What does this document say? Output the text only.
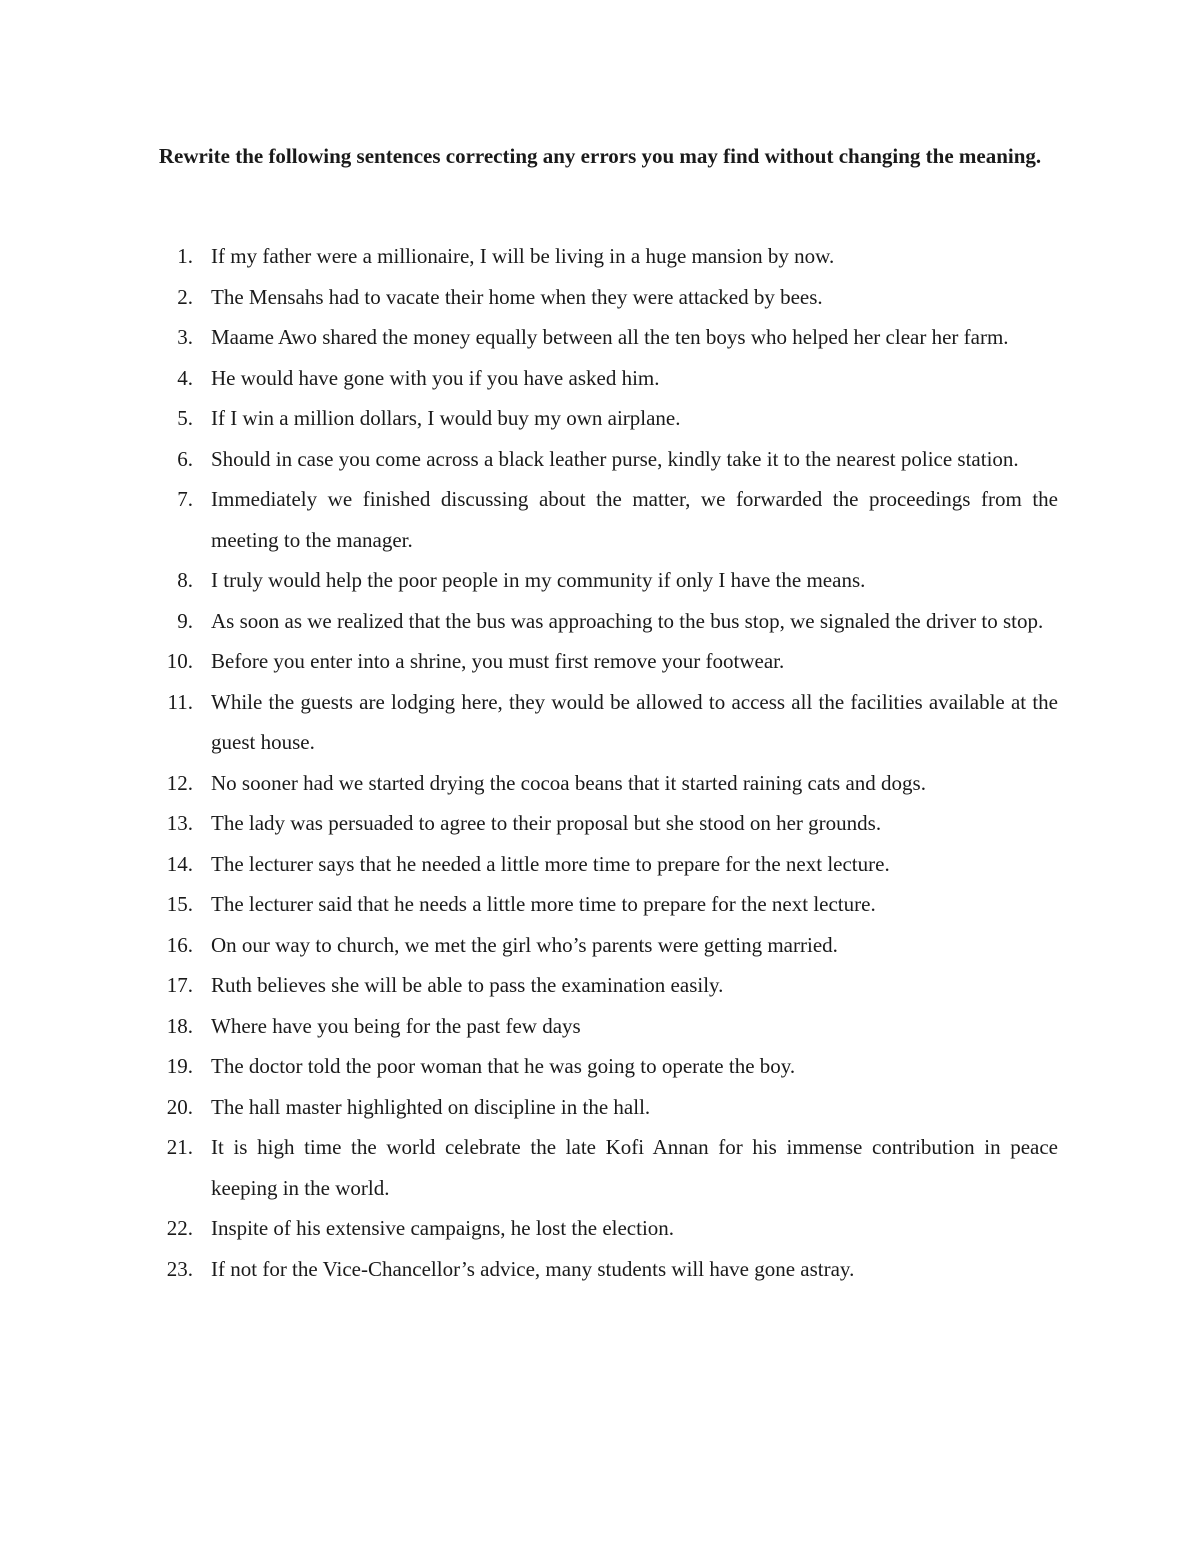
Rewrite the following sentences correcting any errors you may find without changing the meaning.
1. If my father were a millionaire, I will be living in a huge mansion by now.
2. The Mensahs had to vacate their home when they were attacked by bees.
3. Maame Awo shared the money equally between all the ten boys who helped her clear her farm.
4. He would have gone with you if you have asked him.
5. If I win a million dollars, I would buy my own airplane.
6. Should in case you come across a black leather purse, kindly take it to the nearest police station.
7. Immediately we finished discussing about the matter, we forwarded the proceedings from the meeting to the manager.
8. I truly would help the poor people in my community if only I have the means.
9. As soon as we realized that the bus was approaching to the bus stop, we signaled the driver to stop.
10. Before you enter into a shrine, you must first remove your footwear.
11. While the guests are lodging here, they would be allowed to access all the facilities available at the guest house.
12. No sooner had we started drying the cocoa beans that it started raining cats and dogs.
13. The lady was persuaded to agree to their proposal but she stood on her grounds.
14. The lecturer says that he needed a little more time to prepare for the next lecture.
15. The lecturer said that he needs a little more time to prepare for the next lecture.
16. On our way to church, we met the girl who’s parents were getting married.
17. Ruth believes she will be able to pass the examination easily.
18. Where have you being for the past few days
19. The doctor told the poor woman that he was going to operate the boy.
20. The hall master highlighted on discipline in the hall.
21. It is high time the world celebrate the late Kofi Annan for his immense contribution in peace keeping in the world.
22. Inspite of his extensive campaigns, he lost the election.
23. If not for the Vice-Chancellor’s advice, many students will have gone astray.
